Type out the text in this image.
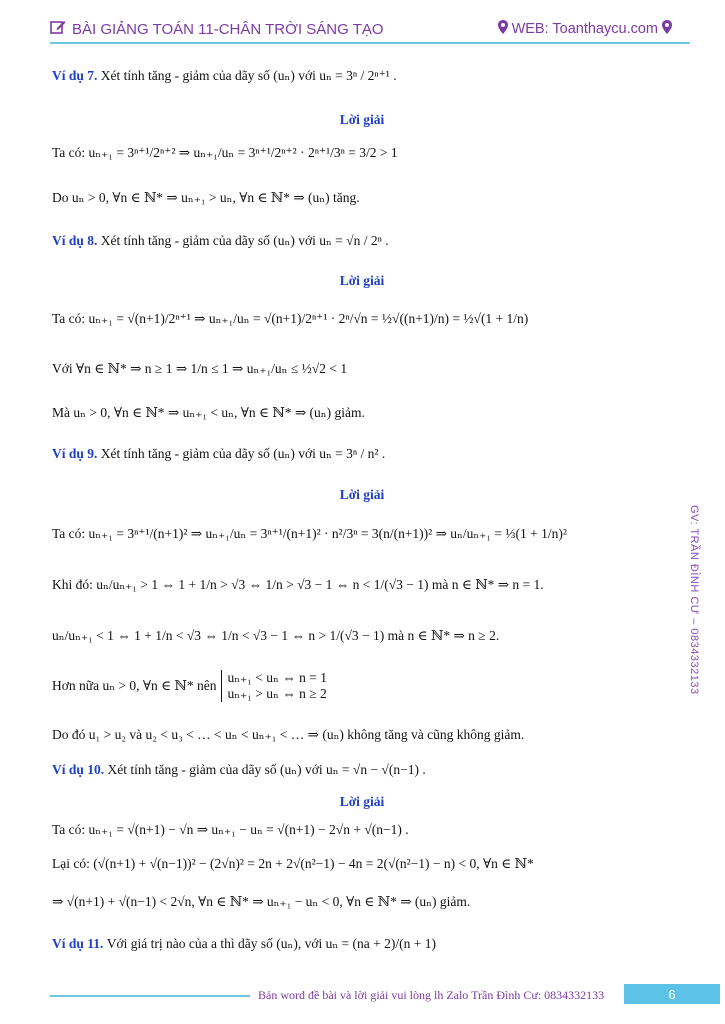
BÀI GIẢNG TOÁN 11-CHÂN TRỜI SÁNG TẠO	WEB: Toanthaycu.com
GV: TRẦN ĐÌNH CƯ – 0834332133
Ví dụ 7.
Xét tính tăng - giảm của dãy số (uₙ) với uₙ = 3ⁿ / 2ⁿ⁺¹ .
Lời giải
Ta có: uₙ₊₁ = 3ⁿ⁺¹/2ⁿ⁺² ⇒ uₙ₊₁/uₙ = 3ⁿ⁺¹/2ⁿ⁺² · 2ⁿ⁺¹/3ⁿ = 3/2 > 1
Do uₙ > 0, ∀n ∈ ℕ* ⇒ uₙ₊₁ > uₙ, ∀n ∈ ℕ* ⇒ (uₙ) tăng.
Ví dụ 8.
Xét tính tăng - giảm của dãy số (uₙ) với uₙ = √n / 2ⁿ .
Lời giải
Ta có: uₙ₊₁ = √(n+1)/2ⁿ⁺¹ ⇒ uₙ₊₁/uₙ = √(n+1)/2ⁿ⁺¹ · 2ⁿ/√n = ½√((n+1)/n) = ½√(1 + 1/n)
Với ∀n ∈ ℕ* ⇒ n ≥ 1 ⇒ 1/n ≤ 1 ⇒ uₙ₊₁/uₙ ≤ ½√2 < 1
Mà uₙ > 0, ∀n ∈ ℕ* ⇒ uₙ₊₁ < uₙ, ∀n ∈ ℕ* ⇒ (uₙ) giảm.
Ví dụ 9.
Xét tính tăng - giảm của dãy số (uₙ) với uₙ = 3ⁿ / n² .
Lời giải
Ta có: uₙ₊₁ = 3ⁿ⁺¹/(n+1)² ⇒ uₙ₊₁/uₙ = 3ⁿ⁺¹/(n+1)² · n²/3ⁿ = 3(n/(n+1))² ⇒ uₙ/uₙ₊₁ = ⅓(1 + 1/n)²
Khi đó: uₙ/uₙ₊₁ > 1 ⇔ 1 + 1/n > √3 ⇔ 1/n > √3 − 1 ⇔ n < 1/(√3 − 1) mà n ∈ ℕ* ⇒ n = 1.
uₙ/uₙ₊₁ < 1 ⇔ 1 + 1/n < √3 ⇔ 1/n < √3 − 1 ⇔ n > 1/(√3 − 1) mà n ∈ ℕ* ⇒ n ≥ 2.
Hơn nữa uₙ > 0, ∀n ∈ ℕ* nên
uₙ₊₁ < uₙ ⇔ n = 1
uₙ₊₁ > uₙ ⇔ n ≥ 2
Do đó u₁ > u₂ và u₂ < u₃ < … < uₙ < uₙ₊₁ < … ⇒ (uₙ) không tăng và cũng không giảm.
Ví dụ 10.
Xét tính tăng - giảm của dãy số (uₙ) với uₙ = √n − √(n−1) .
Lời giải
Ta có: uₙ₊₁ = √(n+1) − √n ⇒ uₙ₊₁ − uₙ = √(n+1) − 2√n + √(n−1) .
Lại có: (√(n+1) + √(n−1))² − (2√n)² = 2n + 2√(n²−1) − 4n = 2(√(n²−1) − n) < 0, ∀n ∈ ℕ*
⇒ √(n+1) + √(n−1) < 2√n, ∀n ∈ ℕ* ⇒ uₙ₊₁ − uₙ < 0, ∀n ∈ ℕ* ⇒ (uₙ) giảm.
Ví dụ 11.
Với giá trị nào của a thì dãy số (uₙ), với uₙ = (na + 2)/(n + 1)
Bản word đề bài và lời giải vui lòng lh Zalo Trần Đình Cư: 0834332133	6
